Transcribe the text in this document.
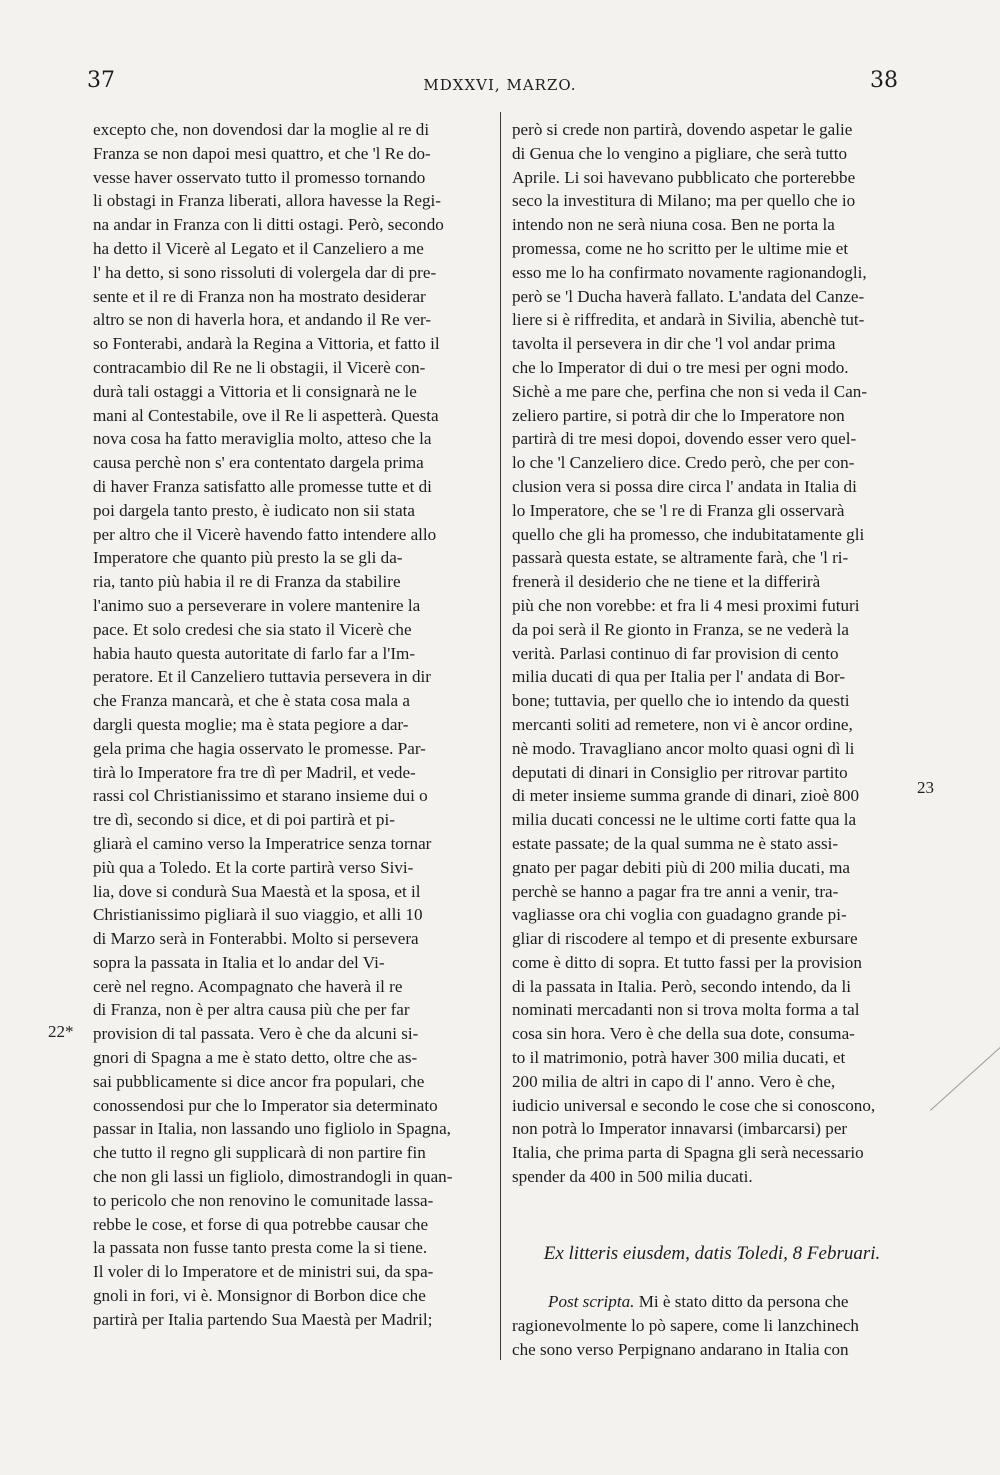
37	MDXXVI, MARZO.	38
excepto che, non dovendosi dar la moglie al re di
Franza se non dapoi mesi quattro, et che 'l Re do-
vesse haver osservato tutto il promesso tornando
li obstagi in Franza liberati, allora havesse la Regi-
na andar in Franza con li ditti ostagi. Però, secondo
ha detto il Vicerè al Legato et il Canzeliero a me
l' ha detto, si sono rissoluti di volergela dar di pre-
sente et il re di Franza non ha mostrato desiderar
altro se non di haverla hora, et andando il Re ver-
so Fonterabi, andarà la Regina a Vittoria, et fatto il
contracambio dil Re ne li obstagii, il Vicerè con-
durà tali ostaggi a Vittoria et li consignarà ne le
mani al Contestabile, ove il Re li aspetterà. Questa
nova cosa ha fatto meraviglia molto, atteso che la
causa perchè non s' era contentato dargela prima
di haver Franza satisfatto alle promesse tutte et di
poi dargela tanto presto, è iudicato non sii stata
per altro che il Vicerè havendo fatto intendere allo
Imperatore che quanto più presto la se gli da-
ria, tanto più habia il re di Franza da stabilire
l'animo suo a perseverare in volere mantenire la
pace. Et solo credesi che sia stato il Vicerè che
habia hauto questa autoritate di farlo far a l'Im-
peratore. Et il Canzeliero tuttavia persevera in dir
che Franza mancarà, et che è stata cosa mala a
dargli questa moglie; ma è stata pegiore a dar-
gela prima che hagia osservato le promesse. Par-
tirà lo Imperatore fra tre dì per Madril, et vede-
rassi col Christianissimo et starano insieme dui o
tre dì, secondo si dice, et di poi partirà et pi-
gliarà el camino verso la Imperatrice senza tornar
più qua a Toledo. Et la corte partirà verso Sivi-
lia, dove si condurà Sua Maestà et la sposa, et il
Christianissimo pigliarà il suo viaggio, et alli 10
di Marzo serà in Fonterabbi. Molto si persevera
sopra la passata in Italia et lo andar del Vi-
cerè nel regno. Acompagnato che haverà il re
di Franza, non è per altra causa più che per far
provision di tal passata. Vero è che da alcuni si-
gnori di Spagna a me è stato detto, oltre che as-
sai pubblicamente si dice ancor fra populari, che
conossendosi pur che lo Imperator sia determinato
passar in Italia, non lassando uno figliolo in Spagna,
che tutto il regno gli supplicarà di non partire fin
che non gli lassi un figliolo, dimostrandogli in quan-
to pericolo che non renovino le comunitade lassa-
rebbe le cose, et forse di qua potrebbe causar che
la passata non fusse tanto presta come la si tiene.
Il voler di lo Imperatore et de ministri sui, da spa-
gnoli in fori, vi è. Monsignor di Borbon dice che
partirà per Italia partendo Sua Maestà per Madril;
però si crede non partirà, dovendo aspetar le galie
di Genua che lo vengino a pigliare, che serà tutto
Aprile. Li soi havevano pubblicato che porterebbe
seco la investitura di Milano; ma per quello che io
intendo non ne serà niuna cosa. Ben ne porta la
promessa, come ne ho scritto per le ultime mie et
esso me lo ha confirmato novamente ragionandogli,
però se 'l Ducha haverà fallato. L'andata del Canze-
liere si è riffredita, et andarà in Sivilia, abenchè tut-
tavolta il persevera in dir che 'l vol andar prima
che lo Imperator di dui o tre mesi per ogni modo.
Sichè a me pare che, perfina che non si veda il Can-
zeliero partire, si potrà dir che lo Imperatore non
partirà di tre mesi dopoi, dovendo esser vero quel-
lo che 'l Canzeliero dice. Credo però, che per con-
clusion vera si possa dire circa l' andata in Italia di
lo Imperatore, che se 'l re di Franza gli osservarà
quello che gli ha promesso, che indubitatamente gli
passarà questa estate, se altramente farà, che 'l ri-
frenerà il desiderio che ne tiene et la differirà
più che non vorebbe: et fra li 4 mesi proximi futuri
da poi serà il Re gionto in Franza, se ne vederà la
verità. Parlasi continuo di far provision di cento
milia ducati di qua per Italia per l' andata di Bor-
bone; tuttavia, per quello che io intendo da questi
mercanti soliti ad remetere, non vi è ancor ordine,
nè modo. Travagliano ancor molto quasi ogni dì li
deputati di dinari in Consiglio per ritrovar partito
di meter insieme summa grande di dinari, zioè 800
milia ducati concessi ne le ultime corti fatte qua la
estate passate; de la qual summa ne è stato assi-
gnato per pagar debiti più di 200 milia ducati, ma
perchè se hanno a pagar fra tre anni a venir, tra-
vagliasse ora chi voglia con guadagno grande pi-
gliar di riscodere al tempo et di presente exbursare
come è ditto di sopra. Et tutto fassi per la provision
di la passata in Italia. Però, secondo intendo, da li
nominati mercadanti non si trova molta forma a tal
cosa sin hora. Vero è che della sua dote, consuma-
to il matrimonio, potrà haver 300 milia ducati, et
200 milia de altri in capo di l' anno. Vero è che,
iudicio universal e secondo le cose che si conoscono,
non potrà lo Imperator innavarsi (imbarcarsi) per
Italia, che prima parta di Spagna gli serà necessario
spender da 400 in 500 milia ducati.
22*
23
Ex litteris eiusdem, datis Toledi, 8 Februari.
Post scripta. Mi è stato ditto da persona che
ragionevolmente lo pò sapere, come li lanzchinech
che sono verso Perpignano andarano in Italia con
